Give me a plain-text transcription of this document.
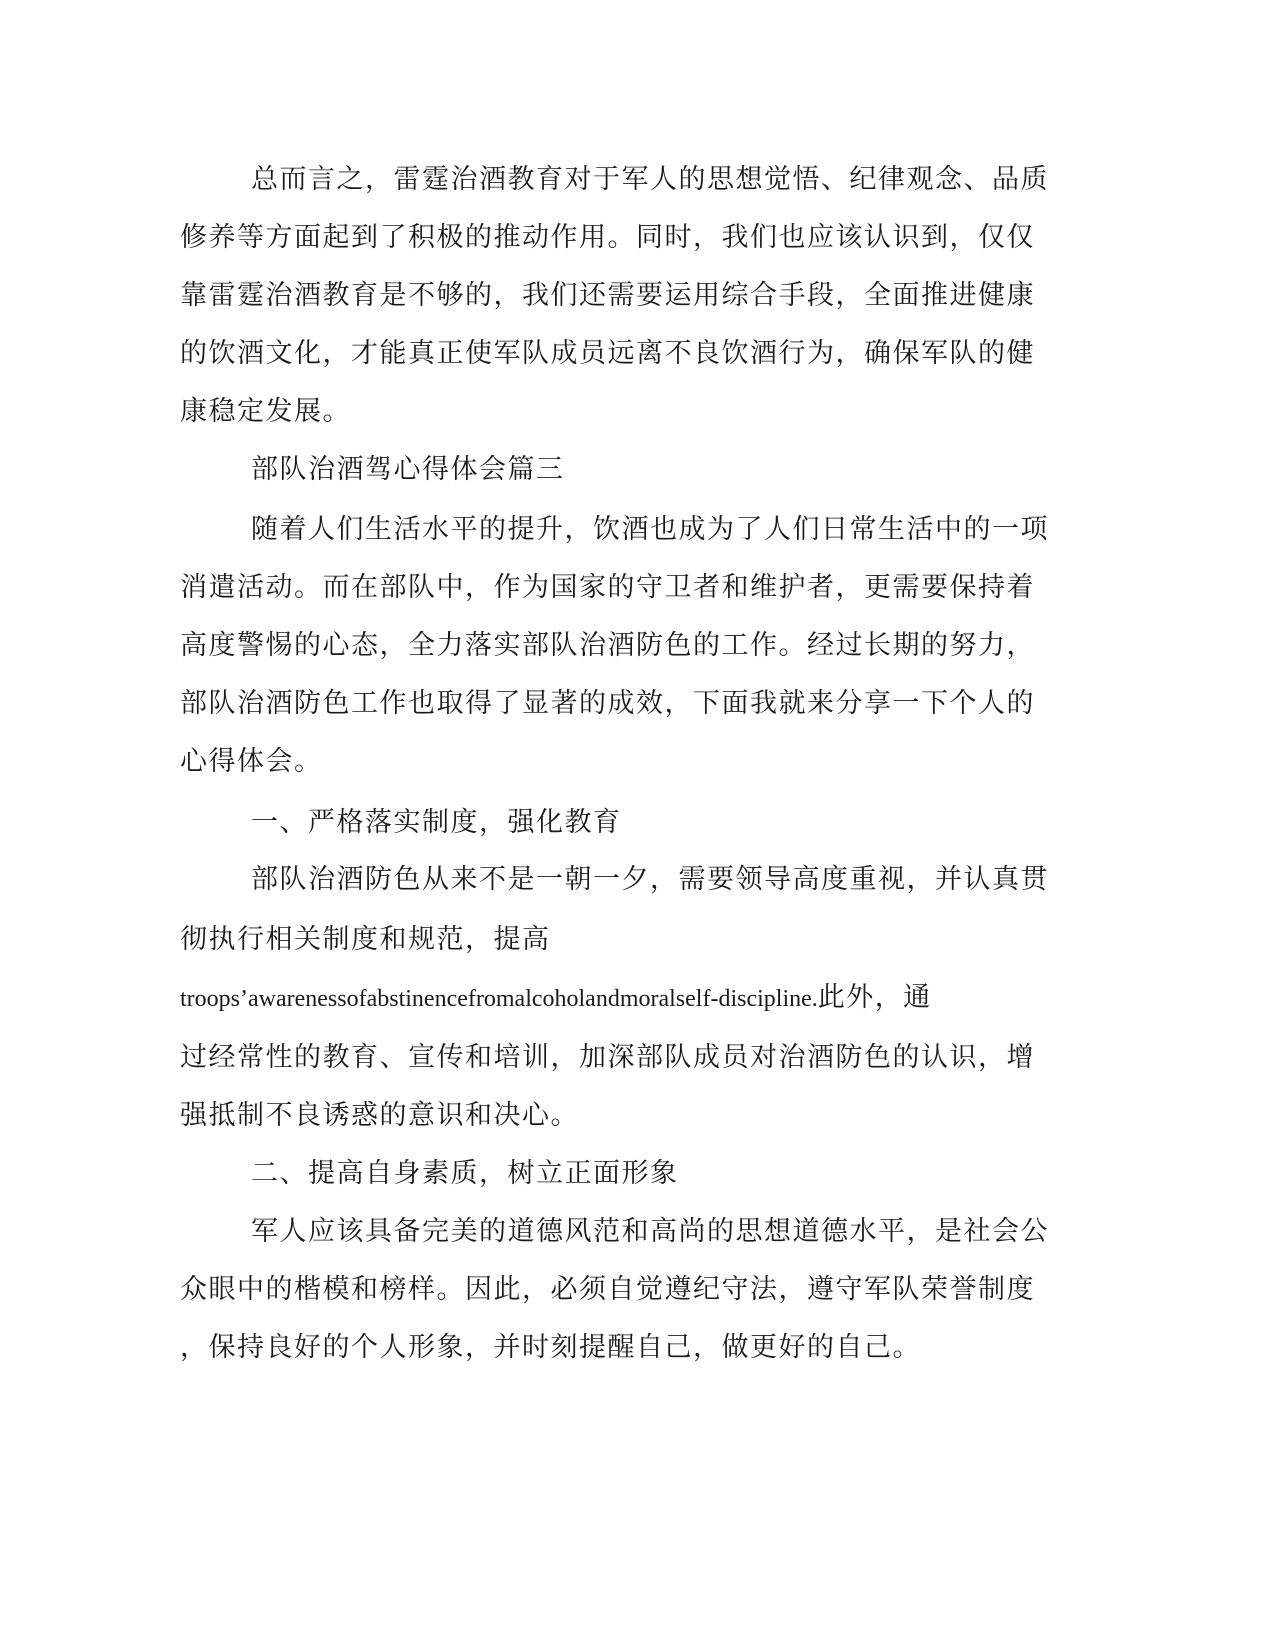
总而言之，雷霆治酒教育对于军人的思想觉悟、纪律观念、品质
修养等方面起到了积极的推动作用。同时，我们也应该认识到，仅仅
靠雷霆治酒教育是不够的，我们还需要运用综合手段，全面推进健康
的饮酒文化，才能真正使军队成员远离不良饮酒行为，确保军队的健
康稳定发展。
部队治酒驾心得体会篇三
随着人们生活水平的提升，饮酒也成为了人们日常生活中的一项
消遣活动。而在部队中，作为国家的守卫者和维护者，更需要保持着
高度警惕的心态，全力落实部队治酒防色的工作。经过长期的努力，
部队治酒防色工作也取得了显著的成效，下面我就来分享一下个人的
心得体会。
一、严格落实制度，强化教育
部队治酒防色从来不是一朝一夕，需要领导高度重视，并认真贯
彻执行相关制度和规范，提高
troops’awarenessofabstinencefromalcoholandmoralself-discipline.此外，通
过经常性的教育、宣传和培训，加深部队成员对治酒防色的认识，增
强抵制不良诱惑的意识和决心。
二、提高自身素质，树立正面形象
军人应该具备完美的道德风范和高尚的思想道德水平，是社会公
众眼中的楷模和榜样。因此，必须自觉遵纪守法，遵守军队荣誉制度
，保持良好的个人形象，并时刻提醒自己，做更好的自己。
